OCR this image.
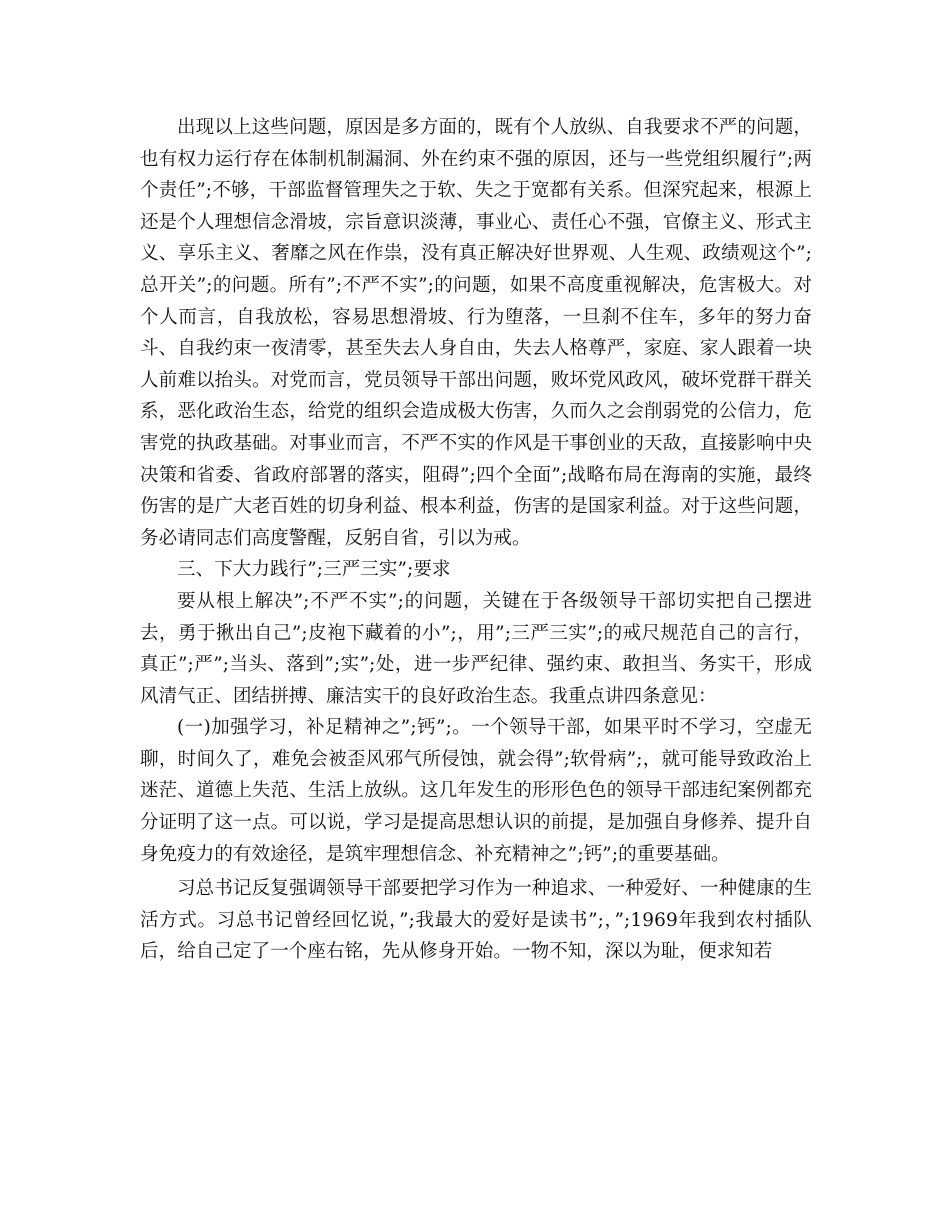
出现以上这些问题，原因是多方面的，既有个人放纵、自我要求不严的问题，也有权力运行存在体制机制漏洞、外在约束不强的原因，还与一些党组织履行”;两个责任”;不够，干部监督管理失之于软、失之于宽都有关系。但深究起来，根源上还是个人理想信念滑坡，宗旨意识淡薄，事业心、责任心不强，官僚主义、形式主义、享乐主义、奢靡之风在作祟，没有真正解决好世界观、人生观、政绩观这个”;总开关”;的问题。所有”;不严不实”;的问题，如果不高度重视解决，危害极大。对个人而言，自我放松，容易思想滑坡、行为堕落，一旦刹不住车，多年的努力奋斗、自我约束一夜清零，甚至失去人身自由，失去人格尊严，家庭、家人跟着一块人前难以抬头。对党而言，党员领导干部出问题，败坏党风政风，破坏党群干群关系，恶化政治生态，给党的组织会造成极大伤害，久而久之会削弱党的公信力，危害党的执政基础。对事业而言，不严不实的作风是干事创业的天敌，直接影响中央决策和省委、省政府部署的落实，阻碍”;四个全面”;战略布局在海南的实施，最终伤害的是广大老百姓的切身利益、根本利益，伤害的是国家利益。对于这些问题，务必请同志们高度警醒，反躬自省，引以为戒。

三、下大力践行”;三严三实”;要求

要从根上解决”;不严不实”;的问题，关键在于各级领导干部切实把自己摆进去，勇于揪出自己”;皮袍下藏着的小”;，用”;三严三实”;的戒尺规范自己的言行，真正”;严”;当头、落到”;实”;处，进一步严纪律、强约束、敢担当、务实干，形成风清气正、团结拼搏、廉洁实干的良好政治生态。我重点讲四条意见：

(一)加强学习，补足精神之”;钙”;。一个领导干部，如果平时不学习，空虚无聊，时间久了，难免会被歪风邪气所侵蚀，就会得”;软骨病”;，就可能导致政治上迷茫、道德上失范、生活上放纵。这几年发生的形形色色的领导干部违纪案例都充分证明了这一点。可以说，学习是提高思想认识的前提，是加强自身修养、提升自身免疫力的有效途径，是筑牢理想信念、补充精神之”;钙”;的重要基础。

习总书记反复强调领导干部要把学习作为一种追求、一种爱好、一种健康的生活方式。习总书记曾经回忆说，”;我最大的爱好是读书”;，”;1969年我到农村插队后，给自己定了一个座右铭，先从修身开始。一物不知，深以为耻，便求知若
